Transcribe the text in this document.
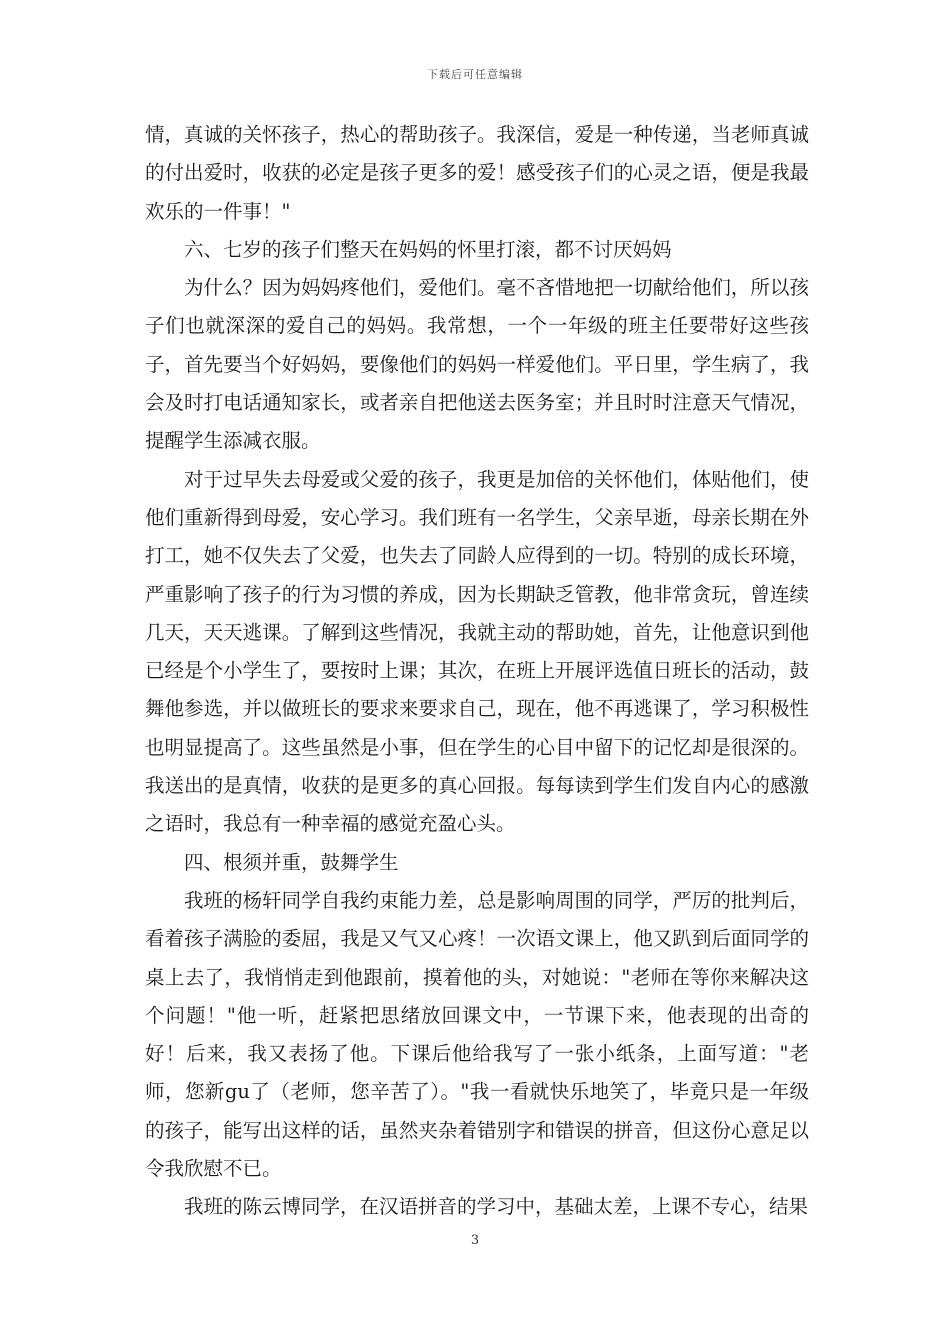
下载后可任意编辑

情，真诚的关怀孩子，热心的帮助孩子。我深信，爱是一种传递，当老师真诚的付出爱时，收获的必定是孩子更多的爱！感受孩子们的心灵之语，便是我最欢乐的一件事！"

六、七岁的孩子们整天在妈妈的怀里打滚，都不讨厌妈妈

为什么？因为妈妈疼他们，爱他们。毫不吝惜地把一切献给他们，所以孩子们也就深深的爱自己的妈妈。我常想，一个一年级的班主任要带好这些孩子，首先要当个好妈妈，要像他们的妈妈一样爱他们。平日里，学生病了，我会及时打电话通知家长，或者亲自把他送去医务室；并且时时注意天气情况，提醒学生添减衣服。

对于过早失去母爱或父爱的孩子，我更是加倍的关怀他们，体贴他们，使他们重新得到母爱，安心学习。我们班有一名学生，父亲早逝，母亲长期在外打工，她不仅失去了父爱，也失去了同龄人应得到的一切。特别的成长环境，严重影响了孩子的行为习惯的养成，因为长期缺乏管教，他非常贪玩，曾连续几天，天天逃课。了解到这些情况，我就主动的帮助她，首先，让他意识到他已经是个小学生了，要按时上课；其次，在班上开展评选值日班长的活动，鼓舞他参选，并以做班长的要求来要求自己，现在，他不再逃课了，学习积极性也明显提高了。这些虽然是小事，但在学生的心目中留下的记忆却是很深的。我送出的是真情，收获的是更多的真心回报。每每读到学生们发自内心的感激之语时，我总有一种幸福的感觉充盈心头。

四、根须并重，鼓舞学生

我班的杨轩同学自我约束能力差，总是影响周围的同学，严厉的批判后，看着孩子满脸的委屈，我是又气又心疼！一次语文课上，他又趴到后面同学的桌上去了，我悄悄走到他跟前，摸着他的头，对她说："老师在等你来解决这个问题！"他一听，赶紧把思绪放回课文中，一节课下来，他表现的出奇的好！后来，我又表扬了他。下课后他给我写了一张小纸条，上面写道："老师，您新gu了（老师，您辛苦了）。"我一看就快乐地笑了，毕竟只是一年级的孩子，能写出这样的话，虽然夹杂着错别字和错误的拼音，但这份心意足以令我欣慰不已。

我班的陈云博同学，在汉语拼音的学习中，基础太差，上课不专心，结果

3
